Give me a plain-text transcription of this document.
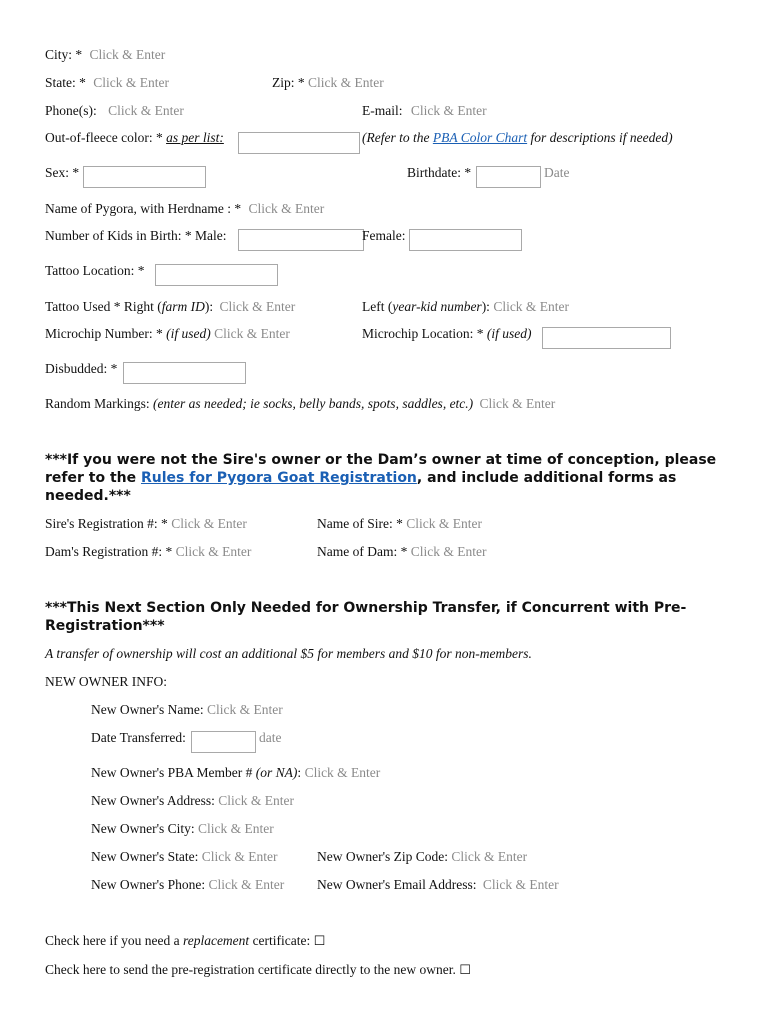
City: * Click & Enter
State: * Click & Enter	Zip: * Click & Enter
Phone(s): Click & Enter	E-mail: Click & Enter
Out-of-fleece color: * as per list:	(Refer to the PBA Color Chart for descriptions if needed)
Sex: *	Birthdate: *	Date
Name of Pygora, with Herdname : * Click & Enter
Number of Kids in Birth: * Male:	Female:
Tattoo Location: *
Tattoo Used * Right (farm ID): Click & Enter	Left (year-kid number): Click & Enter
Microchip Number: * (if used) Click & Enter	Microchip Location: * (if used)
Disbudded: *
Random Markings: (enter as needed; ie socks, belly bands, spots, saddles, etc.) Click & Enter
***If you were not the Sire's owner or the Dam’s owner at time of conception, please refer to the Rules for Pygora Goat Registration, and include additional forms as needed.***
Sire's Registration #: * Click & Enter	Name of Sire: * Click & Enter
Dam's Registration #: * Click & Enter	Name of Dam: * Click & Enter
***This Next Section Only Needed for Ownership Transfer, if Concurrent with Pre-Registration***
A transfer of ownership will cost an additional $5 for members and $10 for non-members.
NEW OWNER INFO:
New Owner's Name: Click & Enter
Date Transferred:	date
New Owner's PBA Member # (or NA): Click & Enter
New Owner's Address: Click & Enter
New Owner's City: Click & Enter
New Owner's State: Click & Enter	New Owner's Zip Code: Click & Enter
New Owner's Phone: Click & Enter New Owner's Email Address: Click & Enter
Check here if you need a replacement certificate: ☐
Check here to send the pre-registration certificate directly to the new owner. ☐
